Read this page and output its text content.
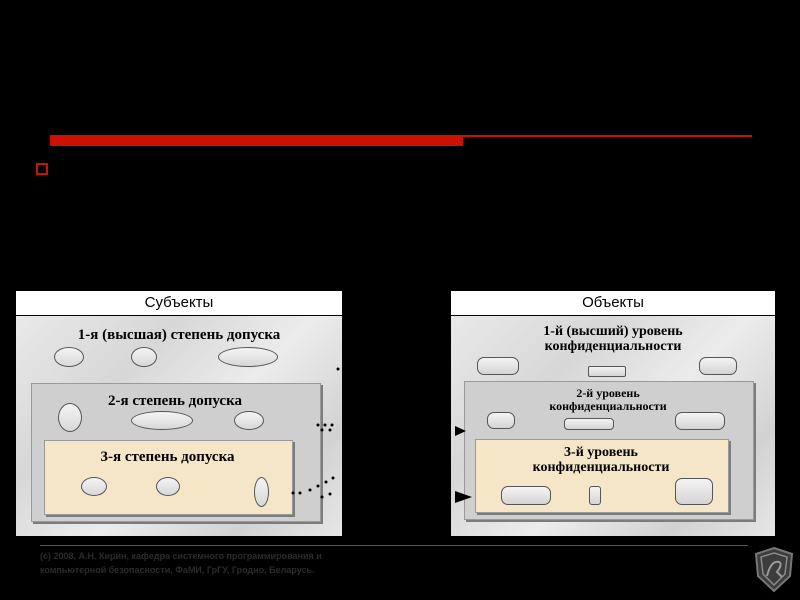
Субъекты
1-я (высшая) степень допуска
2-я степень допуска
3-я степень допуска
Объекты
1-й (высший) уровень
конфиденциальности
2-й уровень
конфиденциальности
3-й уровень
конфиденциальности
(с) 2008, А.Н. Кирин, кафедра системного программирования и
компьютерной безопасности, ФаМИ, ГрГУ, Гродно, Беларусь.
